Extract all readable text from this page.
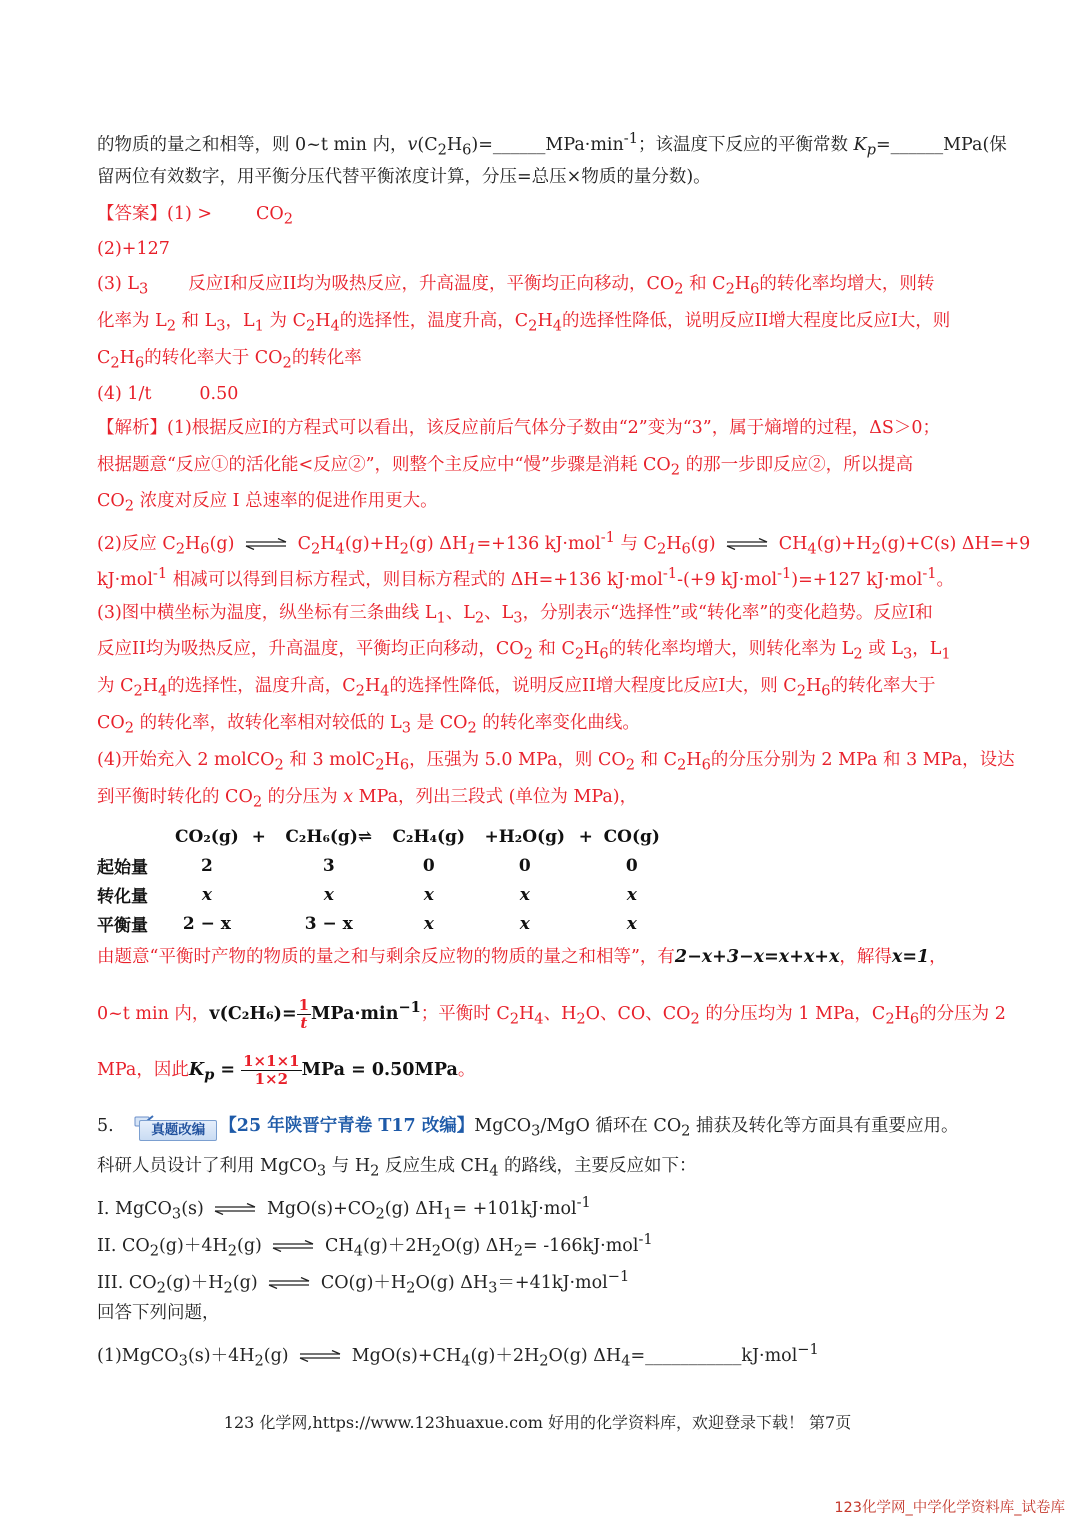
的物质的量之和相等，则 0~t min 内，$v(C_2H_6)=\_\_\_\_\_\_MPa\cdot\min^{-1}$；该温度下反应的平衡常数 $K_p=\_\_\_\_\_\_MPa$(保
留两位有效数字，用平衡分压代替平衡浓度计算，分压=总压×物质的量分数)。
【答案】(1) >	$CO_2$
(2)+127
(3) $L_3$ 反应I和反应II均为吸热反应，升高温度，平衡均正向移动，$CO_2$ 和 $C_2H_6$的转化率均增大，则转
化率为 $L_2$ 和 $L_3$，$L_1$ 为 $C_2H_4$的选择性，温度升高，$C_2H_4$的选择性降低，说明反应II增大程度比反应I大，则
$C_2H_6$的转化率大于 $CO_2$的转化率
(4) 1/t	0.50
【解析】(1)根据反应I的方程式可以看出，该反应前后气体分子数由“2”变为“3”，属于熵增的过程，ΔS＞0；
根据题意“反应①的活化能<反应②”，则整个主反应中“慢”步骤是消耗 $CO_2$ 的那一步即反应②，所以提高
$CO_2$ 浓度对反应 I 总速率的促进作用更大。
(2)反应 $C_2H_6(g)$ ⇌ $C_2H_4(g)+H_2(g)$ $\Delta H_1=+136$ kJ·mol$^{-1}$ 与 $C_2H_6(g)$ ⇌ $CH_4(g)+H_2(g)+C(s)$ ΔH=+9
kJ·mol$^{-1}$ 相减可以得到目标方程式，则目标方程式的 ΔH=+136 kJ·mol$^{-1}$-(+9 kJ·mol$^{-1}$)=+127 kJ·mol$^{-1}$。
(3)图中横坐标为温度，纵坐标有三条曲线 $L_1$、$L_2$、$L_3$，分别表示“选择性”或“转化率”的变化趋势。反应I和
反应II均为吸热反应，升高温度，平衡均正向移动，$CO_2$ 和 $C_2H_6$的转化率均增大，则转化率为 $L_2$ 或 $L_3$，$L_1$
为 $C_2H_4$的选择性，温度升高，$C_2H_4$的选择性降低，说明反应II增大程度比反应I大，则 $C_2H_6$的转化率大于
$CO_2$ 的转化率，故转化率相对较低的 $L_3$ 是 $CO_2$ 的转化率变化曲线。
(4)开始充入 2 molCO$_2$ 和 3 $molC_2H_6$，压强为 5.0 MPa，则 $CO_2$ 和 $C_2H_6$的分压分别为 2 MPa 和 3 MPa，设达
到平衡时转化的 $CO_2$ 的分压为 x MPa，列出三段式 (单位为 MPa)，
	CO₂(g)	+	C₂H₆(g)⇌	C₂H₄(g)	+H₂O(g)	+	CO(g)
起始量	2		3	0	0		0
转化量	x		x	x	x		x
平衡量	2 − x		3 − x	x	x		x
由题意“平衡时产物的物质的量之和与剩余反应物的物质的量之和相等”，有2−x+3−x=x+x+x，解得x=1，
0~t min 内，$v(C_2H_6)= \frac{1}{t} MPa\cdot\min^{-1}$；平衡时 $C_2H_4$、$H_2O$、CO、$CO_2$ 的分压均为 1 MPa，$C_2H_6$的分压为 2
MPa，因此$K_p = \frac{1\times 1\times 1}{1\times 2}$ MPa = 0.50MPa。
5.	真题改编 【25 年陕晋宁青卷 T17 改编】MgCO$_3$/MgO 循环在 $CO_2$ 捕获及转化等方面具有重要应用。
科研人员设计了利用 MgCO$_3$ 与 $H_2$ 反应生成 $CH_4$ 的路线，主要反应如下：
I. MgCO$_3$(s) ⇌ $MgO(s)+CO_2(g)$ $\Delta H_1= +101kJ\cdot mol^{-1}$
II. $CO_2(g)+4H_2(g)$ ⇌ $CH_4(g)+2H_2O(g)$ $\Delta H_2= -166kJ\cdot mol^{-1}$
III. $CO_2(g)+H_2(g)$ ⇌ $CO(g)+H_2O(g)$ $\Delta H_3=+41kJ\cdot mol^{-1}$
回答下列问题，
$(1)MgCO_3(s)+4H_2(g)$ ⇌ $MgO(s)+CH_4(g)+2H_2O(g)$ $\Delta H_4=\_\_\_\_\_\_\_\_\_\_\_kJ\cdot mol^{-1}$
123 化学网,https://www.123huaxue.com 好用的化学资料库，欢迎登录下载！ 第7页
123化学网_中学化学资料库_试卷库
